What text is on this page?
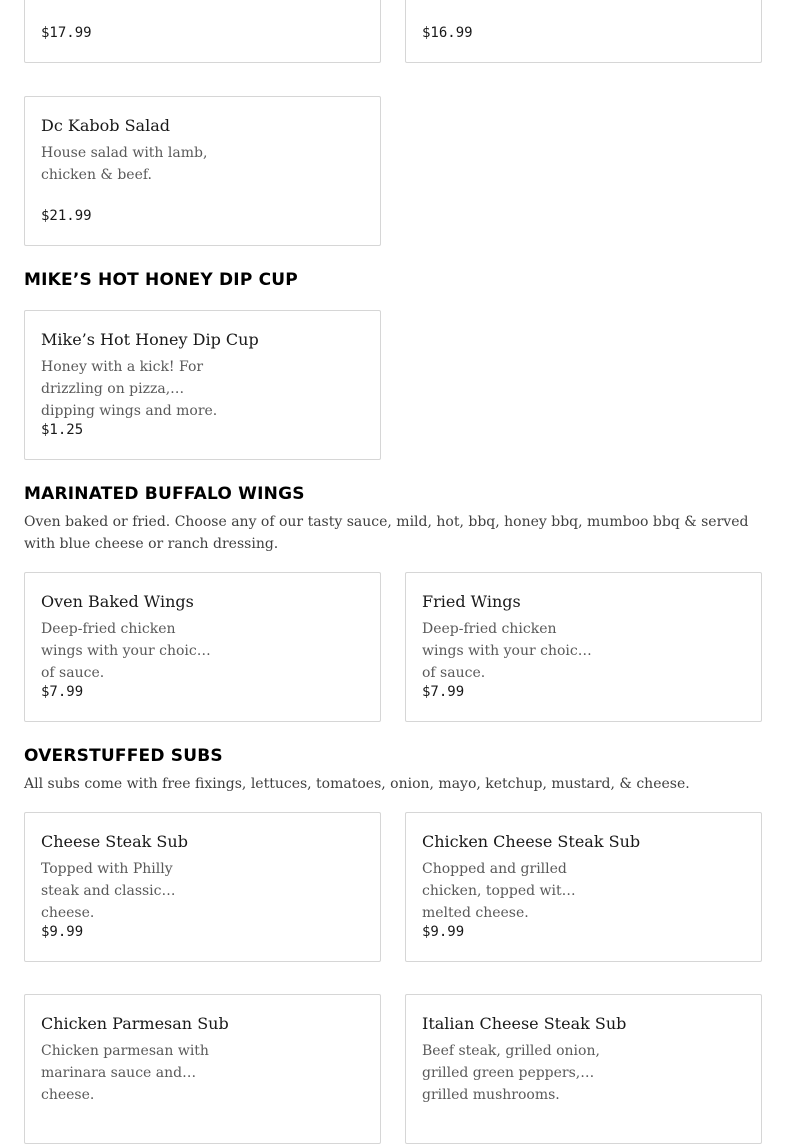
$17.99	$16.99
Dc Kabob Salad
House salad with lamb, chicken & beef.
$21.99
MIKE’S HOT HONEY DIP CUP
Mike’s Hot Honey Dip Cup
Honey with a kick! For drizzling on pizza, dipping wings and more.
$1.25
MARINATED BUFFALO WINGS
Oven baked or fried. Choose any of our tasty sauce, mild, hot, bbq, honey bbq, mumboo bbq & served with blue cheese or ranch dressing.
Oven Baked Wings
Deep-fried chicken wings with your choice of sauce.
$7.99
Fried Wings
Deep-fried chicken wings with your choice of sauce.
$7.99
OVERSTUFFED SUBS
All subs come with free fixings, lettuces, tomatoes, onion, mayo, ketchup, mustard, & cheese.
Cheese Steak Sub
Topped with Philly steak and classic cheese.
$9.99
Chicken Cheese Steak Sub
Chopped and grilled chicken, topped with melted cheese.
$9.99
Chicken Parmesan Sub
Chicken parmesan with marinara sauce and cheese.
Italian Cheese Steak Sub
Beef steak, grilled onion, grilled green peppers, grilled mushrooms.
